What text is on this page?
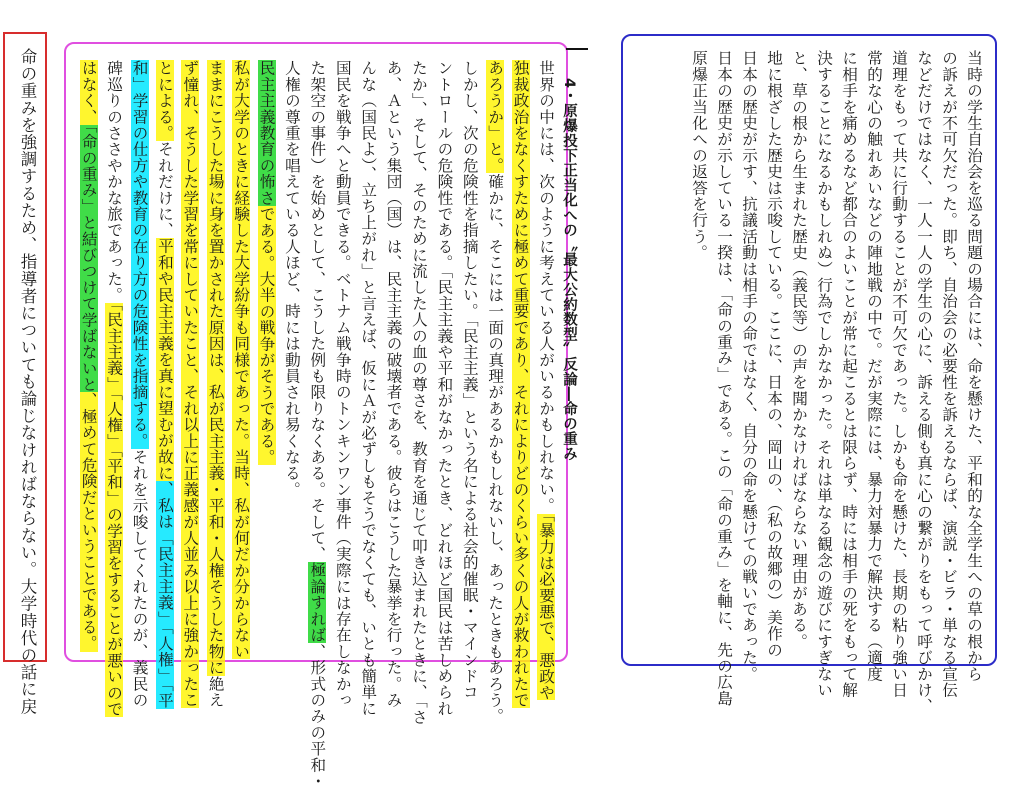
命の重みを強調するため、指導者についても論じなければならない。大学時代の話に戻	4・原爆投下正当化への〝最大公約数型〟反論―命の重み
世界の中には、次のように考えている人がいるかもしれない。「暴力は必要悪で、悪政や
独裁政治をなくすために極めて重要であり、それによりどのくらい多くの人が救われたで
あろうか」と。確かに、そこには一面の真理があるかもしれないし、あったときもあろう。
しかし、次の危険性を指摘したい。「民主主義」という名による社会的催眠・マインドコ
ントロールの危険性である。「民主主義や平和がなかったとき、どれほど国民は苦しめられ
たか」、そして、そのために流した人の血の尊さを、教育を通じて叩き込まれたときに、「さ
あ、Ａという集団（国）は、民主主義の破壊者である。彼らはこうした暴挙を行った。み
んな（国民よ）、立ち上がれ」と言えば、仮にＡが必ずしもそうでなくても、いとも簡単に
国民を戦争へと動員できる。ベトナム戦争時のトンキンワン事件（実際には存在しなかっ
た架空の事件）を始めとして、こうした例も限りなくある。そして、極論すれば、形式のみの平和・
人権の尊重を唱えている人ほど、時には動員され易くなる。
民主主義教育の怖さである。大半の戦争がそうである。
私が大学のときに経験した大学紛争も同様であった。当時、私が何だか分からない
ままにこうした場に身を置かされた原因は、私が民主主義・平和・人権そうした物に絶え
ず憧れ、そうした学習を常にしていたこと、それ以上に正義感が人並み以上に強かったこ
とによる。それだけに、平和や民主主義を真に望むが故に、私は「民主主義」「人権」「平
和」学習の仕方や教育の在り方の危険性を指摘する。それを示唆してくれたのが、義民の
碑巡りのささやかな旅であった。「民主主義」「人権」「平和」の学習をすることが悪いので
はなく、「命の重み」と結びつけて学ばないと、極めて危険だということである。	当時の学生自治会を巡る問題の場合には、命を懸けた、平和的な全学生への草の根から
の訴えが不可欠だった。即ち、自治会の必要性を訴えるならば、演説・ビラ・単なる宣伝
などだけではなく、一人一人の学生の心に、訴える側も真に心の繋がりをもって呼びかけ、
道理をもって共に行動することが不可欠であった。しかも命を懸けた、長期の粘り強い日
常的な心の触れあいなどの陣地戦の中で。だが実際には、暴力対暴力で解決する（適度
に相手を痛めるなど都合のよいことが常に起こるとは限らず、時には相手の死をもって解
決することになるかもしれぬ）行為でしかなかった。それは単なる観念の遊びにすぎない
と、草の根から生まれた歴史（義民等）の声を聞かなければならない理由がある。
地に根ざした歴史は示唆している。ここに、日本の、岡山の、（私の故郷の）美作の
日本の歴史が示す、抗議活動は相手の命ではなく、自分の命を懸けての戦いであった。
日本の歴史が示している一揆は、「命の重み」である。この「命の重み」を軸に、先の広島
原爆正当化への返答を行う。
